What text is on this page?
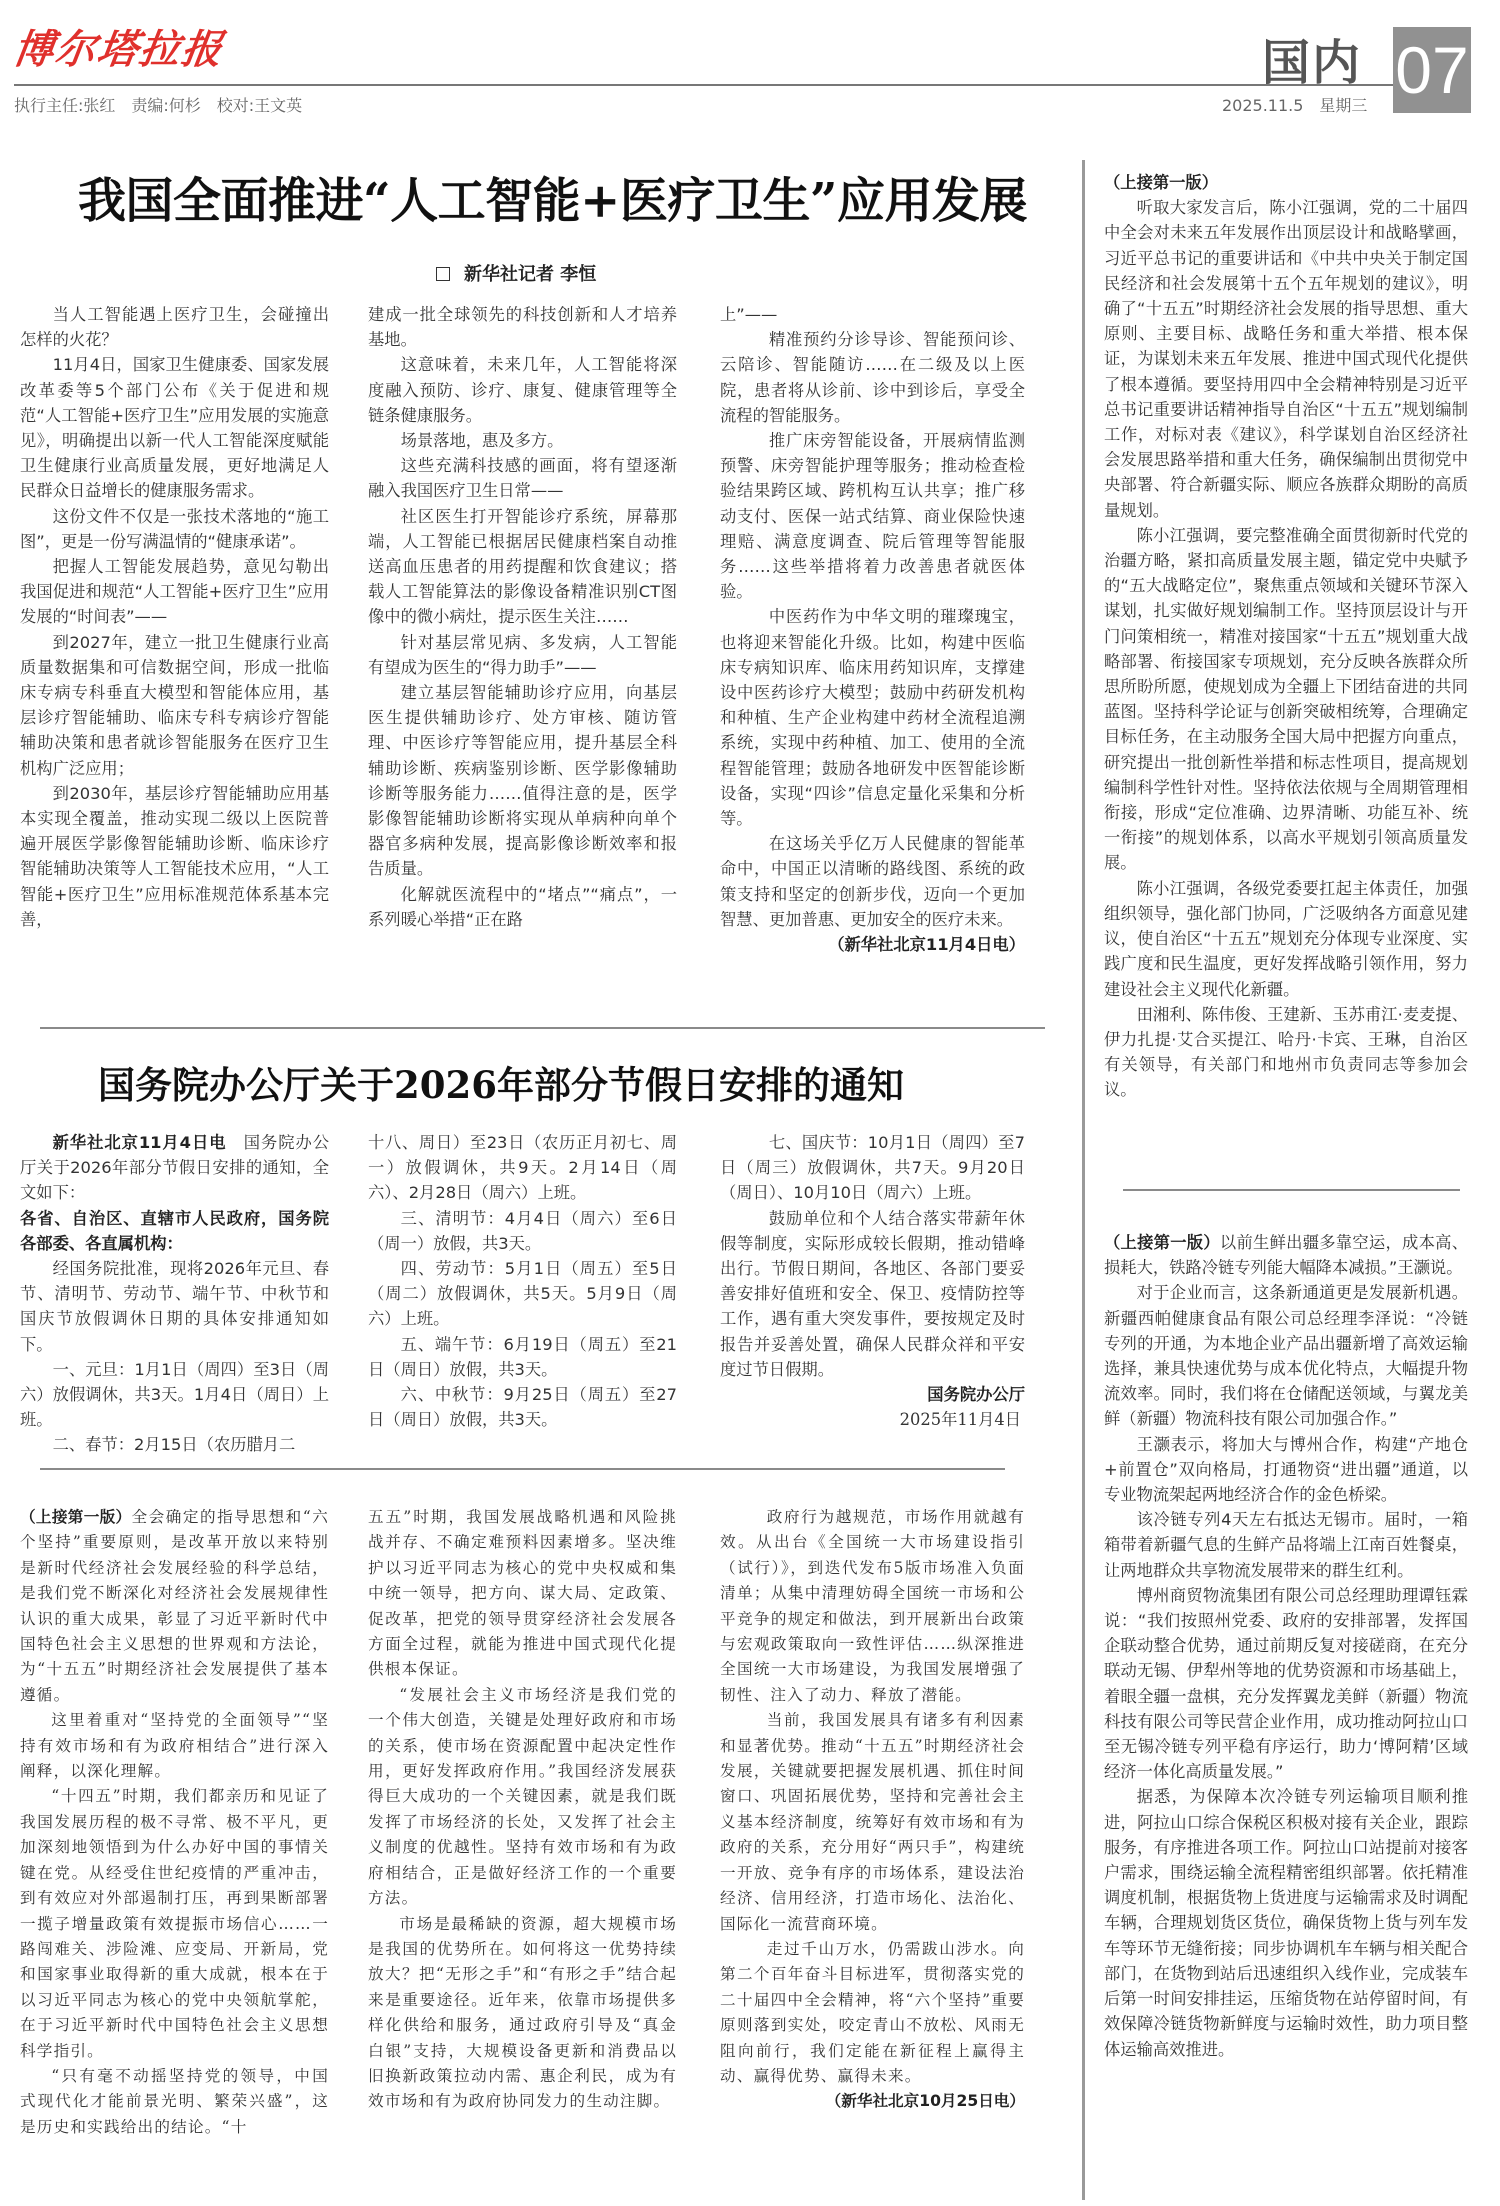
博尔塔拉报
执行主任:张红　责编:何杉　校对:王文英
国内 07
2025.11.5　星期三
我国全面推进“人工智能+医疗卫生”应用发展
新华社记者 李恒

当人工智能遇上医疗卫生，会碰撞出怎样的火花？

11月4日，国家卫生健康委、国家发展改革委等5个部门公布《关于促进和规范“人工智能+医疗卫生”应用发展的实施意见》，明确提出以新一代人工智能深度赋能卫生健康行业高质量发展，更好地满足人民群众日益增长的健康服务需求。

这份文件不仅是一张技术落地的“施工图”，更是一份写满温情的“健康承诺”。

把握人工智能发展趋势，意见勾勒出我国促进和规范“人工智能+医疗卫生”应用发展的“时间表”——

到2027年，建立一批卫生健康行业高质量数据集和可信数据空间，形成一批临床专病专科垂直大模型和智能体应用，基层诊疗智能辅助、临床专科专病诊疗智能辅助决策和患者就诊智能服务在医疗卫生机构广泛应用；

到2030年，基层诊疗智能辅助应用基本实现全覆盖，推动实现二级以上医院普遍开展医学影像智能辅助诊断、临床诊疗智能辅助决策等人工智能技术应用，“人工智能+医疗卫生”应用标准规范体系基本完善，

建成一批全球领先的科技创新和人才培养基地。

这意味着，未来几年，人工智能将深度融入预防、诊疗、康复、健康管理等全链条健康服务。

场景落地，惠及多方。

这些充满科技感的画面，将有望逐渐融入我国医疗卫生日常——

社区医生打开智能诊疗系统，屏幕那端，人工智能已根据居民健康档案自动推送高血压患者的用药提醒和饮食建议；搭载人工智能算法的影像设备精准识别CT图像中的微小病灶，提示医生关注……

针对基层常见病、多发病，人工智能有望成为医生的“得力助手”——

建立基层智能辅助诊疗应用，向基层医生提供辅助诊疗、处方审核、随访管理、中医诊疗等智能应用，提升基层全科辅助诊断、疾病鉴别诊断、医学影像辅助诊断等服务能力……值得注意的是，医学影像智能辅助诊断将实现从单病种向单个器官多病种发展，提高影像诊断效率和报告质量。

化解就医流程中的“堵点”“痛点”，一系列暖心举措“正在路

上”——

精准预约分诊导诊、智能预问诊、云陪诊、智能随访……在二级及以上医院，患者将从诊前、诊中到诊后，享受全流程的智能服务。

推广床旁智能设备，开展病情监测预警、床旁智能护理等服务；推动检查检验结果跨区域、跨机构互认共享；推广移动支付、医保一站式结算、商业保险快速理赔、满意度调查、院后管理等智能服务……这些举措将着力改善患者就医体验。

中医药作为中华文明的璀璨瑰宝，也将迎来智能化升级。比如，构建中医临床专病知识库、临床用药知识库，支撑建设中医药诊疗大模型；鼓励中药研发机构和种植、生产企业构建中药材全流程追溯系统，实现中药种植、加工、使用的全流程智能管理；鼓励各地研发中医智能诊断设备，实现“四诊”信息定量化采集和分析等。

在这场关乎亿万人民健康的智能革命中，中国正以清晰的路线图、系统的政策支持和坚定的创新步伐，迈向一个更加智慧、更加普惠、更加安全的医疗未来。

（新华社北京11月4日电）

国务院办公厅关于2026年部分节假日安排的通知

新华社北京11月4日电　 国务院办公厅关于2026年部分节假日安排的通知，全文如下：

各省、自治区、直辖市人民政府，国务院各部委、各直属机构：

经国务院批准，现将2026年元旦、春节、清明节、劳动节、端午节、中秋节和国庆节放假调休日期的具体安排通知如下。

一、元旦：1月1日（周四）至3日（周六）放假调休，共3天。1月4日（周日）上班。

二、春节：2月15日（农历腊月二

十八、周日）至23日（农历正月初七、周一）放假调休，共9天。2月14日（周六）、2月28日（周六）上班。

三、清明节：4月4日（周六）至6日（周一）放假，共3天。

四、劳动节：5月1日（周五）至5日（周二）放假调休，共5天。5月9日（周六）上班。

五、端午节：6月19日（周五）至21日（周日）放假，共3天。

六、中秋节：9月25日（周五）至27日（周日）放假，共3天。

七、国庆节：10月1日（周四）至7日（周三）放假调休，共7天。9月20日（周日）、10月10日（周六）上班。

鼓励单位和个人结合落实带薪年休假等制度，实际形成较长假期，推动错峰出行。节假日期间，各地区、各部门要妥善安排好值班和安全、保卫、疫情防控等工作，遇有重大突发事件，要按规定及时报告并妥善处置，确保人民群众祥和平安度过节日假期。

国务院办公厅

2025年11月4日

（上接第一版）全会确定的指导思想和“六个坚持”重要原则，是改革开放以来特别是新时代经济社会发展经验的科学总结，是我们党不断深化对经济社会发展规律性认识的重大成果，彰显了习近平新时代中国特色社会主义思想的世界观和方法论，为“十五五”时期经济社会发展提供了基本遵循。

这里着重对“坚持党的全面领导”“坚持有效市场和有为政府相结合”进行深入阐释，以深化理解。

“十四五”时期，我们都亲历和见证了我国发展历程的极不寻常、极不平凡，更加深刻地领悟到为什么办好中国的事情关键在党。从经受住世纪疫情的严重冲击，到有效应对外部遏制打压，再到果断部署一揽子增量政策有效提振市场信心……一路闯难关、涉险滩、应变局、开新局，党和国家事业取得新的重大成就，根本在于以习近平同志为核心的党中央领航掌舵，在于习近平新时代中国特色社会主义思想科学指引。

“只有毫不动摇坚持党的领导，中国式现代化才能前景光明、繁荣兴盛”，这是历史和实践给出的结论。“十

五五”时期，我国发展战略机遇和风险挑战并存、不确定难预料因素增多。坚决维护以习近平同志为核心的党中央权威和集中统一领导，把方向、谋大局、定政策、促改革，把党的领导贯穿经济社会发展各方面全过程，就能为推进中国式现代化提供根本保证。

“发展社会主义市场经济是我们党的一个伟大创造，关键是处理好政府和市场的关系，使市场在资源配置中起决定性作用，更好发挥政府作用。”我国经济发展获得巨大成功的一个关键因素，就是我们既发挥了市场经济的长处，又发挥了社会主义制度的优越性。坚持有效市场和有为政府相结合，正是做好经济工作的一个重要方法。

市场是最稀缺的资源，超大规模市场是我国的优势所在。如何将这一优势持续放大？把“无形之手”和“有形之手”结合起来是重要途径。近年来，依靠市场提供多样化供给和服务，通过政府引导及“真金白银”支持，大规模设备更新和消费品以旧换新政策拉动内需、惠企利民，成为有效市场和有为政府协同发力的生动注脚。

政府行为越规范，市场作用就越有效。从出台《全国统一大市场建设指引（试行）》，到迭代发布5版市场准入负面清单；从集中清理妨碍全国统一市场和公平竞争的规定和做法，到开展新出台政策与宏观政策取向一致性评估……纵深推进全国统一大市场建设，为我国发展增强了韧性、注入了动力、释放了潜能。

当前，我国发展具有诸多有利因素和显著优势。推动“十五五”时期经济社会发展，关键就要把握发展机遇、抓住时间窗口、巩固拓展优势，坚持和完善社会主义基本经济制度，统筹好有效市场和有为政府的关系，充分用好“两只手”，构建统一开放、竞争有序的市场体系，建设法治经济、信用经济，打造市场化、法治化、国际化一流营商环境。

走过千山万水，仍需跋山涉水。向第二个百年奋斗目标进军，贯彻落实党的二十届四中全会精神，将“六个坚持”重要原则落到实处，咬定青山不放松、风雨无阻向前行，我们定能在新征程上赢得主动、赢得优势、赢得未来。

（新华社北京10月25日电）

（上接第一版）

听取大家发言后，陈小江强调，党的二十届四中全会对未来五年发展作出顶层设计和战略擘画，习近平总书记的重要讲话和《中共中央关于制定国民经济和社会发展第十五个五年规划的建议》，明确了“十五五”时期经济社会发展的指导思想、重大原则、主要目标、战略任务和重大举措、根本保证，为谋划未来五年发展、推进中国式现代化提供了根本遵循。要坚持用四中全会精神特别是习近平总书记重要讲话精神指导自治区“十五五”规划编制工作，对标对表《建议》，科学谋划自治区经济社会发展思路举措和重大任务，确保编制出贯彻党中央部署、符合新疆实际、顺应各族群众期盼的高质量规划。

陈小江强调，要完整准确全面贯彻新时代党的治疆方略，紧扣高质量发展主题，锚定党中央赋予的“五大战略定位”，聚焦重点领域和关键环节深入谋划，扎实做好规划编制工作。坚持顶层设计与开门问策相统一，精准对接国家“十五五”规划重大战略部署、衔接国家专项规划，充分反映各族群众所思所盼所愿，使规划成为全疆上下团结奋进的共同蓝图。坚持科学论证与创新突破相统筹，合理确定目标任务，在主动服务全国大局中把握方向重点，研究提出一批创新性举措和标志性项目，提高规划编制科学性针对性。坚持依法依规与全周期管理相衔接，形成“定位准确、边界清晰、功能互补、统一衔接”的规划体系，以高水平规划引领高质量发展。

陈小江强调，各级党委要扛起主体责任，加强组织领导，强化部门协同，广泛吸纳各方面意见建议，使自治区“十五五”规划充分体现专业深度、实践广度和民生温度，更好发挥战略引领作用，努力建设社会主义现代化新疆。

田湘利、陈伟俊、王建新、玉苏甫江·麦麦提、伊力扎提·艾合买提江、哈丹·卡宾、王琳，自治区有关领导，有关部门和地州市负责同志等参加会议。

（上接第一版）以前生鲜出疆多靠空运，成本高、损耗大，铁路冷链专列能大幅降本减损。”王灏说。

对于企业而言，这条新通道更是发展新机遇。新疆西帕健康食品有限公司总经理李泽说：“冷链专列的开通，为本地企业产品出疆新增了高效运输选择，兼具快速优势与成本优化特点，大幅提升物流效率。同时，我们将在仓储配送领域，与翼龙美鲜（新疆）物流科技有限公司加强合作。”

王灏表示，将加大与博州合作，构建“产地仓+前置仓”双向格局，打通物资“进出疆”通道，以专业物流架起两地经济合作的金色桥梁。

该冷链专列4天左右抵达无锡市。届时，一箱箱带着新疆气息的生鲜产品将端上江南百姓餐桌，让两地群众共享物流发展带来的群生红利。

博州商贸物流集团有限公司总经理助理谭钰霖说：“我们按照州党委、政府的安排部署，发挥国企联动整合优势，通过前期反复对接磋商，在充分联动无锡、伊犁州等地的优势资源和市场基础上，着眼全疆一盘棋，充分发挥翼龙美鲜（新疆）物流科技有限公司等民营企业作用，成功推动阿拉山口至无锡冷链专列平稳有序运行，助力‘博阿精’区域经济一体化高质量发展。”

据悉，为保障本次冷链专列运输项目顺利推进，阿拉山口综合保税区积极对接有关企业，跟踪服务，有序推进各项工作。阿拉山口站提前对接客户需求，围绕运输全流程精密组织部署。依托精准调度机制，根据货物上货进度与运输需求及时调配车辆，合理规划货区货位，确保货物上货与列车发车等环节无缝衔接；同步协调机车车辆与相关配合部门，在货物到站后迅速组织入线作业，完成装车后第一时间安排挂运，压缩货物在站停留时间，有效保障冷链货物新鲜度与运输时效性，助力项目整体运输高效推进。
